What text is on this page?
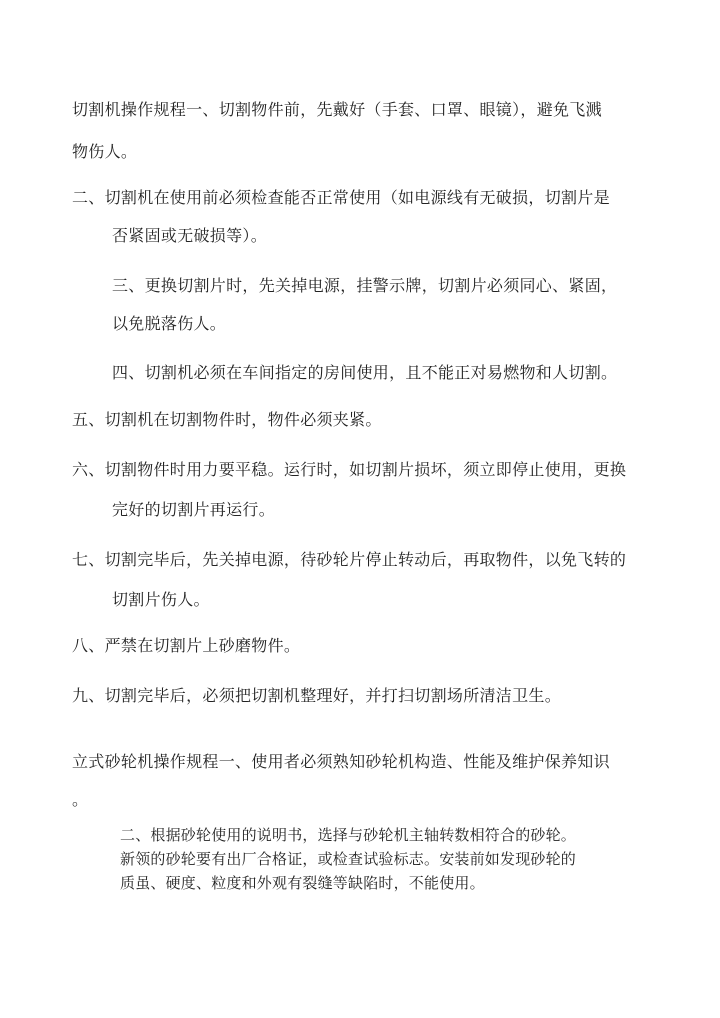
切割机操作规程一、切割物件前，先戴好（手套、口罩、眼镜），避免飞溅
物伤人。
二、切割机在使用前必须检查能否正常使用（如电源线有无破损，切割片是
否紧固或无破损等）。
三、更换切割片时，先关掉电源，挂警示牌，切割片必须同心、紧固，
以免脱落伤人。
四、切割机必须在车间指定的房间使用，且不能正对易燃物和人切割。
五、切割机在切割物件时，物件必须夹紧。
六、切割物件时用力要平稳。运行时，如切割片损坏，须立即停止使用，更换
完好的切割片再运行。
七、切割完毕后，先关掉电源，待砂轮片停止转动后，再取物件，以免飞转的
切割片伤人。
八、严禁在切割片上砂磨物件。
九、切割完毕后，必须把切割机整理好，并打扫切割场所清洁卫生。
立式砂轮机操作规程一、使用者必须熟知砂轮机构造、性能及维护保养知识
。
二、根据砂轮使用的说明书，选择与砂轮机主轴转数相符合的砂轮。
新领的砂轮要有出厂合格证，或检查试验标志。安装前如发现砂轮的
质虽、硬度、粒度和外观有裂缝等缺陷时，不能使用。
